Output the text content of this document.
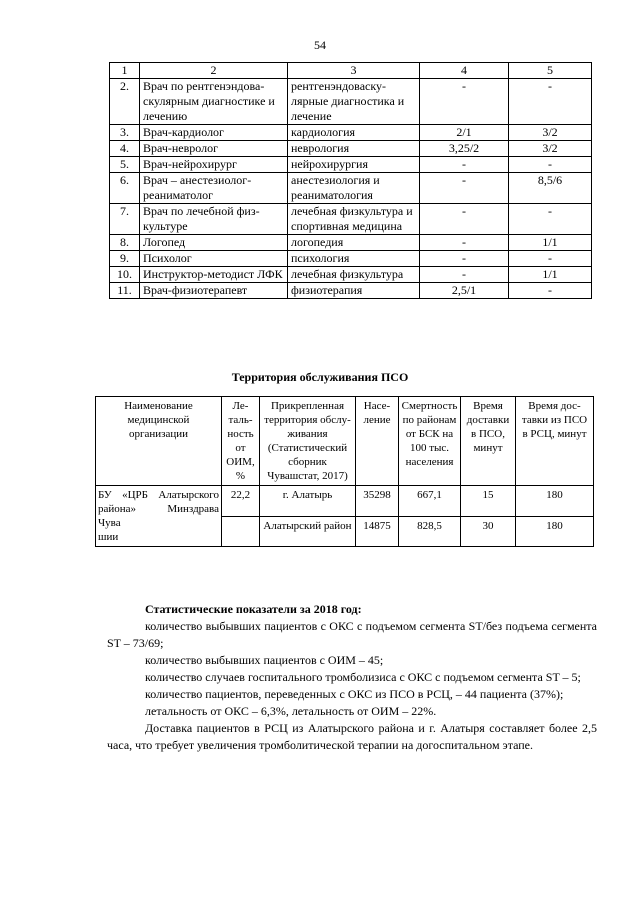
54
1	2	3	4	5
2.	Врач по рентгенэндоваскулярным диагностике и лечению	рентгенэндоваскулярные диагностика и лечение	-	-
3.	Врач-кардиолог	кардиология	2/1	3/2
4.	Врач-невролог	неврология	3,25/2	3/2
5.	Врач-нейрохирург	нейрохирургия	-	-
6.	Врач – анестезиолог-реаниматолог	анестезиология и реаниматология	-	8,5/6
7.	Врач по лечебной физкультуре	лечебная физкультура и спортивная медицина	-	-
8.	Логопед	логопедия	-	1/1
9.	Психолог	психология	-	-
10.	Инструктор-методист ЛФК	лечебная физкультура	-	1/1
11.	Врач-физиотерапевт	физиотерапия	2,5/1	-
Территория обслуживания ПСО
Наименование медицинской организации	Летальность от ОИМ, %	Прикрепленная территория обслуживания (Статистический сборник Чувашстат, 2017)	Население	Смертность по районам от БСК на 100 тыс. населения	Время доставки в ПСО, минут	Время доставки из ПСО в РСЦ, минут
БУ «ЦРБ Алатырского района» Минздрава Чува
шии	22,2	г. Алатырь	35298	667,1	15	180
		Алатырский район	14875	828,5	30	180

Статистические показатели за 2018 год:

количество выбывших пациентов с ОКС с подъемом сегмента ST/без подъема сегмента ST – 73/69;

количество выбывших пациентов с ОИМ – 45;

количество случаев госпитального тромболизиса с ОКС с подъемом сегмента ST – 5;

количество пациентов, переведенных с ОКС из ПСО в РСЦ, – 44 пациента (37%);

летальность от ОКС – 6,3%, летальность от ОИМ – 22%.

Доставка пациентов в РСЦ из Алатырского района и г. Алатыря составляет более 2,5 часа, что требует увеличения тромболитической терапии на догоспитальном этапе.
